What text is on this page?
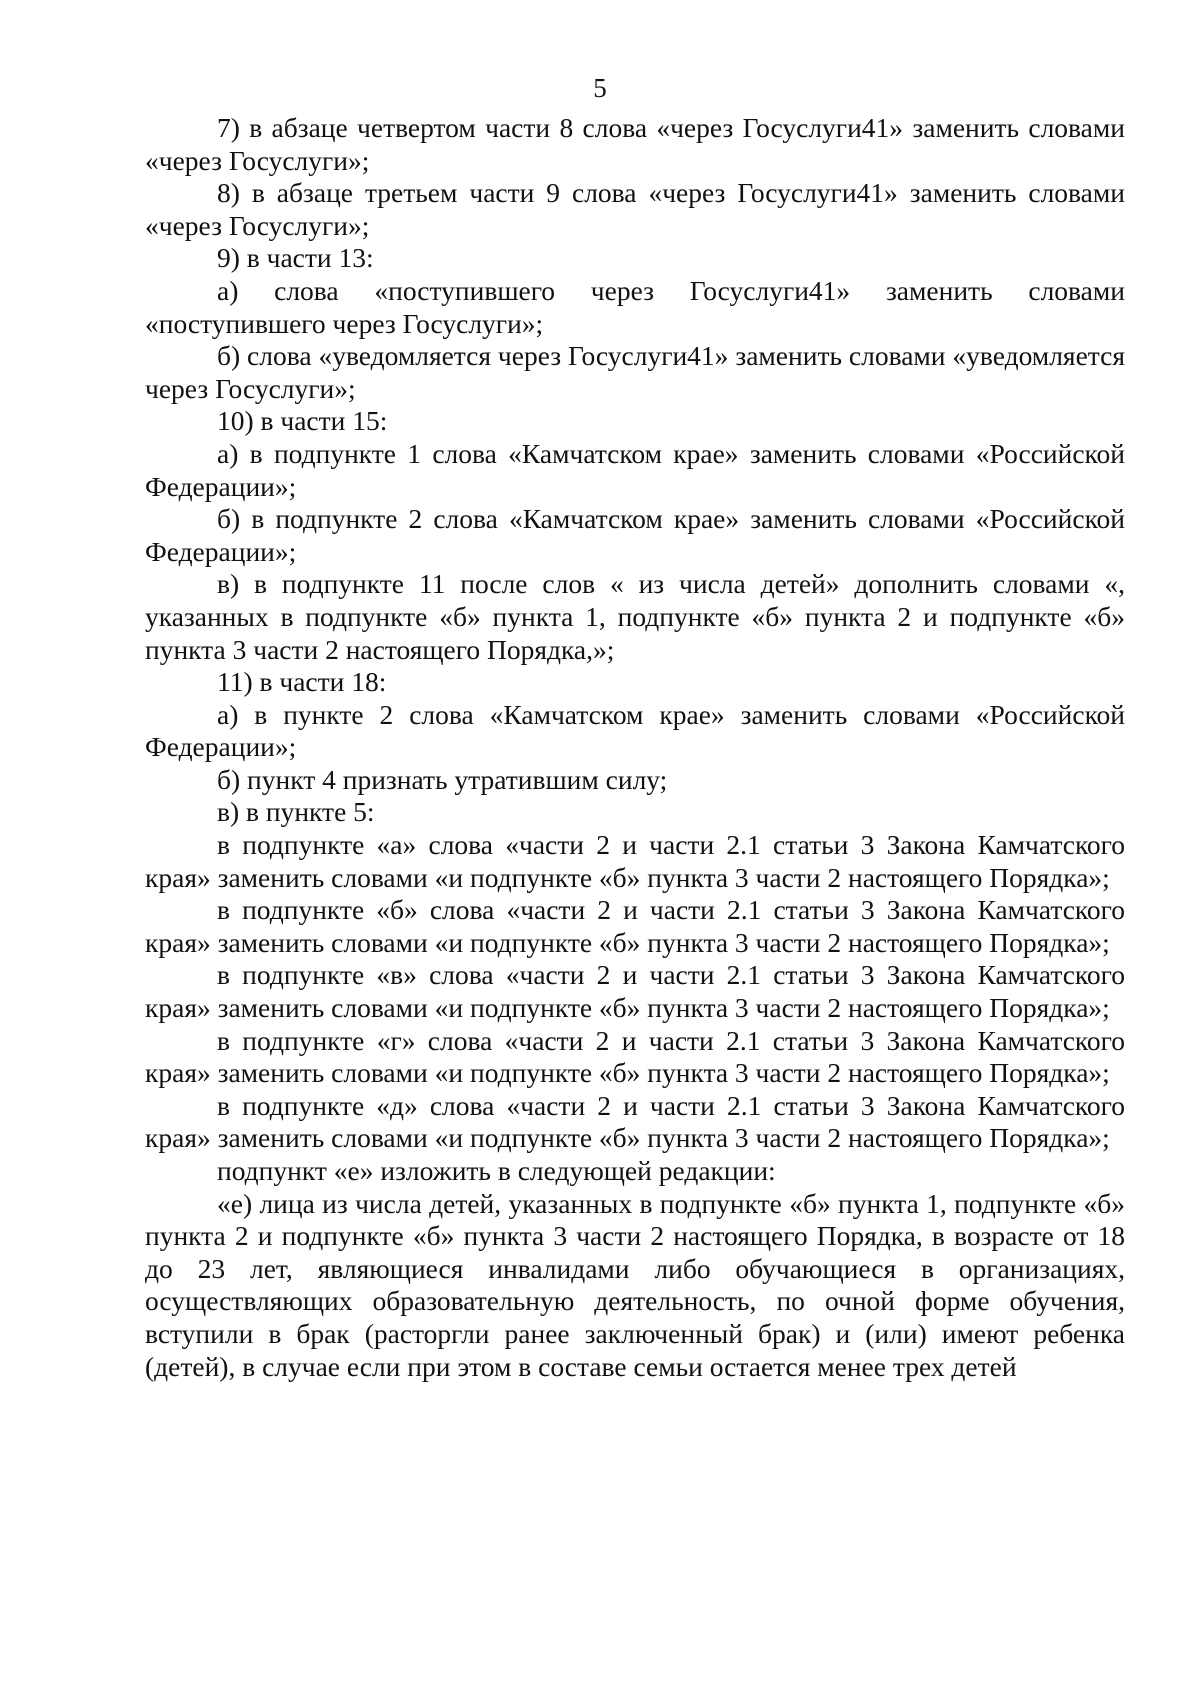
5

7) в абзаце четвертом части 8 слова «через Госуслуги41» заменить словами «через Госуслуги»;

8) в абзаце третьем части 9 слова «через Госуслуги41» заменить словами «через Госуслуги»;

9) в части 13:

а) слова «поступившего через Госуслуги41» заменить словами «поступившего через Госуслуги»;

б) слова «уведомляется через Госуслуги41» заменить словами «уведомляется через Госуслуги»;

10) в части 15:

а) в подпункте 1 слова «Камчатском крае» заменить словами «Российской Федерации»;

б) в подпункте 2 слова «Камчатском крае» заменить словами «Российской Федерации»;

в) в подпункте 11 после слов « из числа детей» дополнить словами «, указанных в подпункте «б» пункта 1, подпункте «б» пункта 2 и подпункте «б» пункта 3 части 2 настоящего Порядка,»;

11) в части 18:

а) в пункте 2 слова «Камчатском крае» заменить словами «Российской Федерации»;

б) пункт 4 признать утратившим силу;

в) в пункте 5:

в подпункте «а» слова «части 2 и части 2.1 статьи 3 Закона Камчатского края» заменить словами «и подпункте «б» пункта 3 части 2 настоящего Порядка»;

в подпункте «б» слова «части 2 и части 2.1 статьи 3 Закона Камчатского края» заменить словами «и подпункте «б» пункта 3 части 2 настоящего Порядка»;

в подпункте «в» слова «части 2 и части 2.1 статьи 3 Закона Камчатского края» заменить словами «и подпункте «б» пункта 3 части 2 настоящего Порядка»;

в подпункте «г» слова «части 2 и части 2.1 статьи 3 Закона Камчатского края» заменить словами «и подпункте «б» пункта 3 части 2 настоящего Порядка»;

в подпункте «д» слова «части 2 и части 2.1 статьи 3 Закона Камчатского края» заменить словами «и подпункте «б» пункта 3 части 2 настоящего Порядка»;

подпункт «е» изложить в следующей редакции:

«е) лица из числа детей, указанных в подпункте «б» пункта 1, подпункте «б» пункта 2 и подпункте «б» пункта 3 части 2 настоящего Порядка, в возрасте от 18 до 23 лет, являющиеся инвалидами либо обучающиеся в организациях, осуществляющих образовательную деятельность, по очной форме обучения, вступили в брак (расторгли ранее заключенный брак) и (или) имеют ребенка (детей), в случае если при этом в составе семьи остается менее трех детей
